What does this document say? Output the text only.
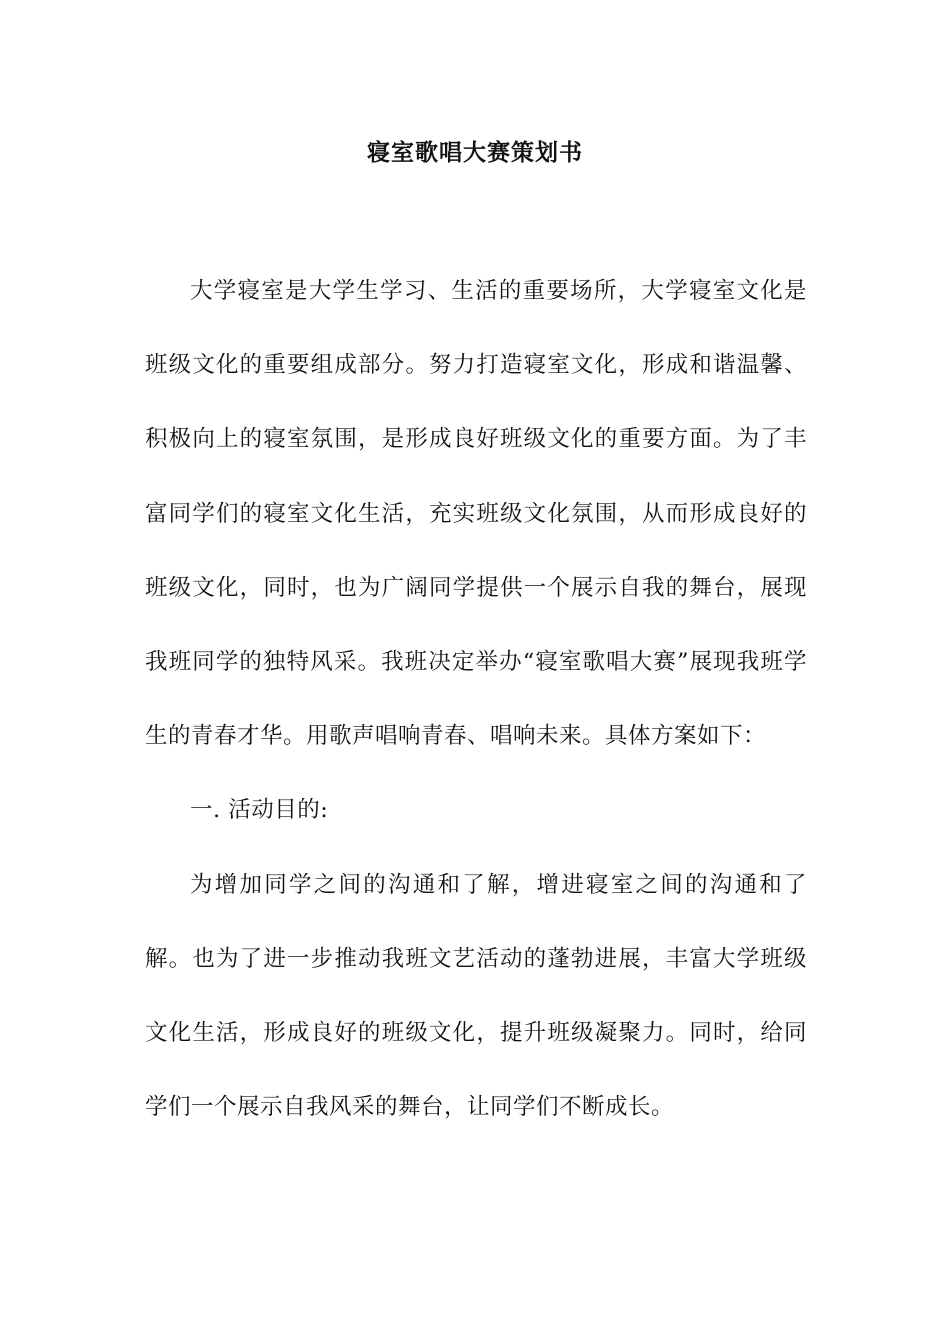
寝室歌唱大赛策划书

大学寝室是大学生学习、生活的重要场所，大学寝室文化是班级文化的重要组成部分。努力打造寝室文化，形成和谐温馨、积极向上的寝室氛围，是形成良好班级文化的重要方面。为了丰富同学们的寝室文化生活，充实班级文化氛围，从而形成良好的班级文化，同时，也为广阔同学提供一个展示自我的舞台，展现我班同学的独特风采。我班决定举办“寝室歌唱大赛”展现我班学生的青春才华。用歌声唱响青春、唱响未来。具体方案如下：

一. 活动目的:

为增加同学之间的沟通和了解，增进寝室之间的沟通和了解。也为了进一步推动我班文艺活动的蓬勃进展，丰富大学班级文化生活，形成良好的班级文化，提升班级凝聚力。同时，给同学们一个展示自我风采的舞台，让同学们不断成长。
